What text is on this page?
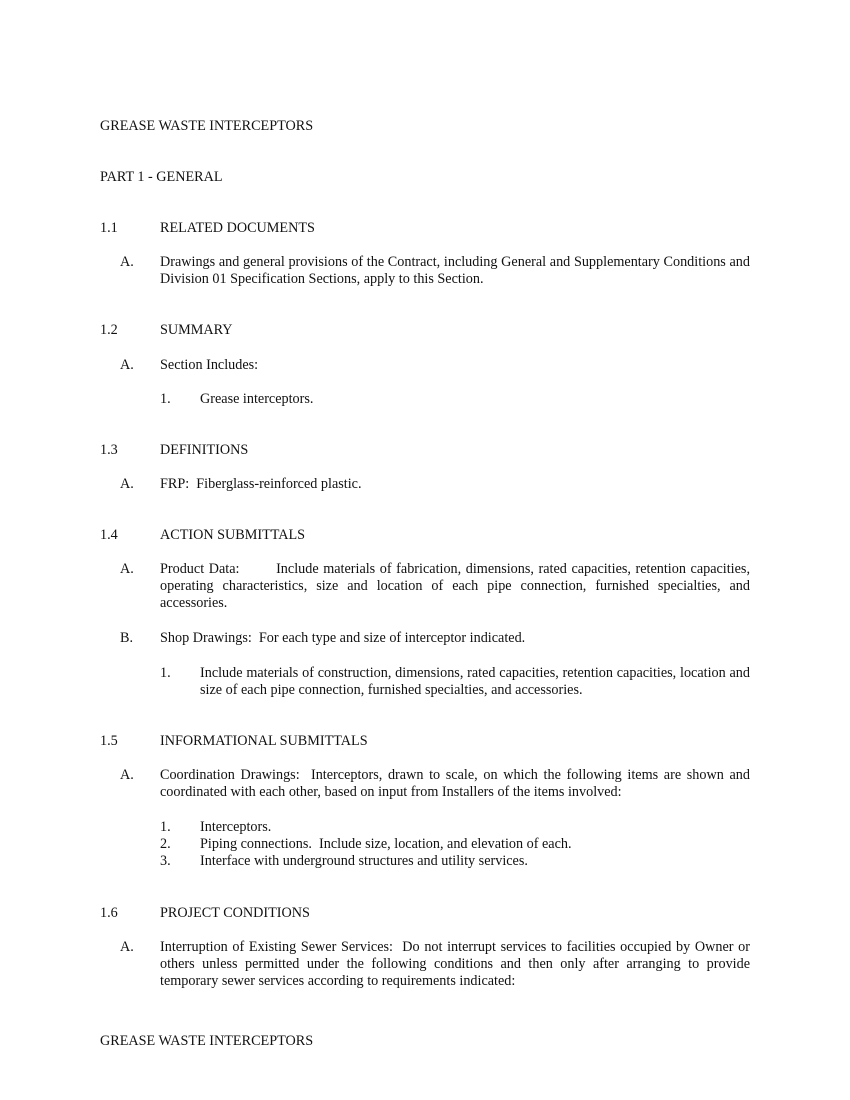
GREASE WASTE INTERCEPTORS
PART 1 - GENERAL
1.1	RELATED DOCUMENTS
A. Drawings and general provisions of the Contract, including General and Supplementary Conditions and Division 01 Specification Sections, apply to this Section.
1.2	SUMMARY
A. Section Includes:
1. Grease interceptors.
1.3	DEFINITIONS
A. FRP:  Fiberglass-reinforced plastic.
1.4	ACTION SUBMITTALS
A. Product Data:        Include materials of fabrication, dimensions, rated capacities, retention capacities, operating characteristics, size and location of each pipe connection, furnished specialties, and accessories.
B. Shop Drawings:  For each type and size of interceptor indicated.
1. Include materials of construction, dimensions, rated capacities, retention capacities, location and size of each pipe connection, furnished specialties, and accessories.
1.5	INFORMATIONAL SUBMITTALS
A. Coordination Drawings:  Interceptors, drawn to scale, on which the following items are shown and coordinated with each other, based on input from Installers of the items involved:
1. Interceptors.
2. Piping connections.  Include size, location, and elevation of each.
3. Interface with underground structures and utility services.
1.6	PROJECT CONDITIONS
A. Interruption of Existing Sewer Services:  Do not interrupt services to facilities occupied by Owner or others unless permitted under the following conditions and then only after arranging to provide temporary sewer services according to requirements indicated:
GREASE WASTE INTERCEPTORS
